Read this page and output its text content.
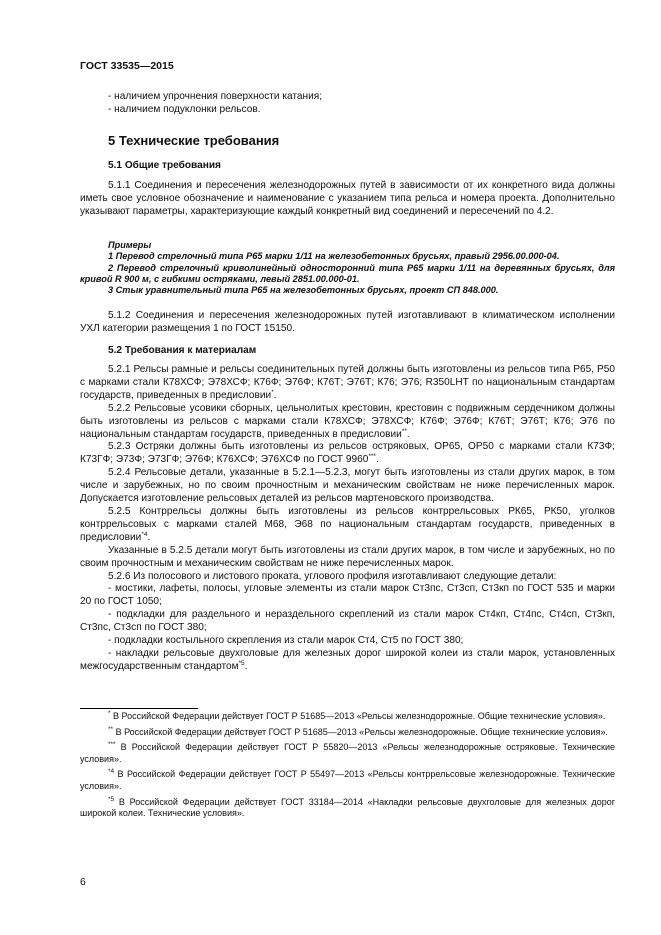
ГОСТ 33535—2015

- наличием упрочнения поверхности катания;

- наличием подуклонки рельсов.

5 Технические требования
5.1 Общие требования

5.1.1 Соединения и пересечения железнодорожных путей в зависимости от их конкретного вида должны иметь свое условное обозначение и наименование с указанием типа рельса и номера проекта. Дополнительно указывают параметры, характеризующие каждый конкретный вид соединений и пересечений по 4.2.

Примеры

1 Перевод стрелочный типа Р65 марки 1/11 на железобетонных брусьях, правый 2956.00.000-04.

2 Перевод стрелочный криволинейный односторонний типа Р65 марки 1/11 на деревянных брусьях, для кривой R 900 м, с гибкими остряками, левый 2851.00.000-01.

3 Стык уравнительный типа Р65 на железобетонных брусьях, проект СП 848.000.

5.1.2 Соединения и пересечения железнодорожных путей изготавливают в климатическом исполнении УХЛ категории размещения 1 по ГОСТ 15150.

5.2 Требования к материалам

5.2.1 Рельсы рамные и рельсы соединительных путей должны быть изготовлены из рельсов типа Р65, Р50 с марками стали К78ХСФ; Э78ХСФ; К76Ф; Э76Ф; К76Т; Э76Т; К76; Э76; R350LHT по национальным стандартам государств, приведенных в предисловии*.

5.2.2 Рельсовые усовики сборных, цельнолитых крестовин, крестовин с подвижным сердечником должны быть изготовлены из рельсов с марками стали К78ХСФ; Э78ХСФ; К76Ф; Э76Ф; К76Т; Э76Т; К76; Э76 по национальным стандартам государств, приведенных в предисловии**.

5.2.3 Остряки должны быть изготовлены из рельсов остряковых, ОР65, ОР50 с марками стали К73Ф; К73ГФ; Э73Ф; Э73ГФ; Э76Ф; К76ХСФ; Э76ХСФ по ГОСТ 9960***.

5.2.4 Рельсовые детали, указанные в 5.2.1—5.2.3, могут быть изготовлены из стали других марок, в том числе и зарубежных, но по своим прочностным и механическим свойствам не ниже перечисленных марок. Допускается изготовление рельсовых деталей из рельсов мартеновского производства.

5.2.5 Контррельсы должны быть изготовлены из рельсов контррельсовых РК65, РК50, уголков контррельсовых с марками сталей М68, Э68 по национальным стандартам государств, приведенных в предисловии$^{*4}$.

Указанные в 5.2.5 детали могут быть изготовлены из стали других марок, в том числе и зарубежных, но по своим прочностным и механическим свойствам не ниже перечисленных марок.

5.2.6 Из полосового и листового проката, углового профиля изготавливают следующие детали:

- мостики, лафеты, полосы, угловые элементы из стали марок Ст3пс, Ст3сп, Ст3кп по ГОСТ 535 и марки 20 по ГОСТ 1050;

- подкладки для раздельного и нераздельного скреплений из стали марок Ст4кп, Ст4пс, Ст4сп, Ст3кп, Ст3пс, Ст3сп по ГОСТ 380;

- подкладки костыльного скрепления из стали марок Ст4, Ст5 по ГОСТ 380;

- накладки рельсовые двухголовые для железных дорог широкой колеи из стали марок, установленных межгосударственным стандартом$^{*5}$.

* В Российской Федерации действует ГОСТ Р 51685—2013 «Рельсы железнодорожные. Общие технические условия».

** В Российской Федерации действует ГОСТ Р 51685—2013 «Рельсы железнодорожные. Общие технические условия».

*** В Российской Федерации действует ГОСТ Р 55820—2013 «Рельсы железнодорожные остряковые. Технические условия».

$^{*4}$ В Российской Федерации действует ГОСТ Р 55497—2013 «Рельсы контррельсовые железнодорожные. Технические условия».

$^{*5}$ В Российской Федерации действует ГОСТ 33184—2014 «Накладки рельсовые двухголовые для железных дорог широкой колеи. Технические условия».

6
